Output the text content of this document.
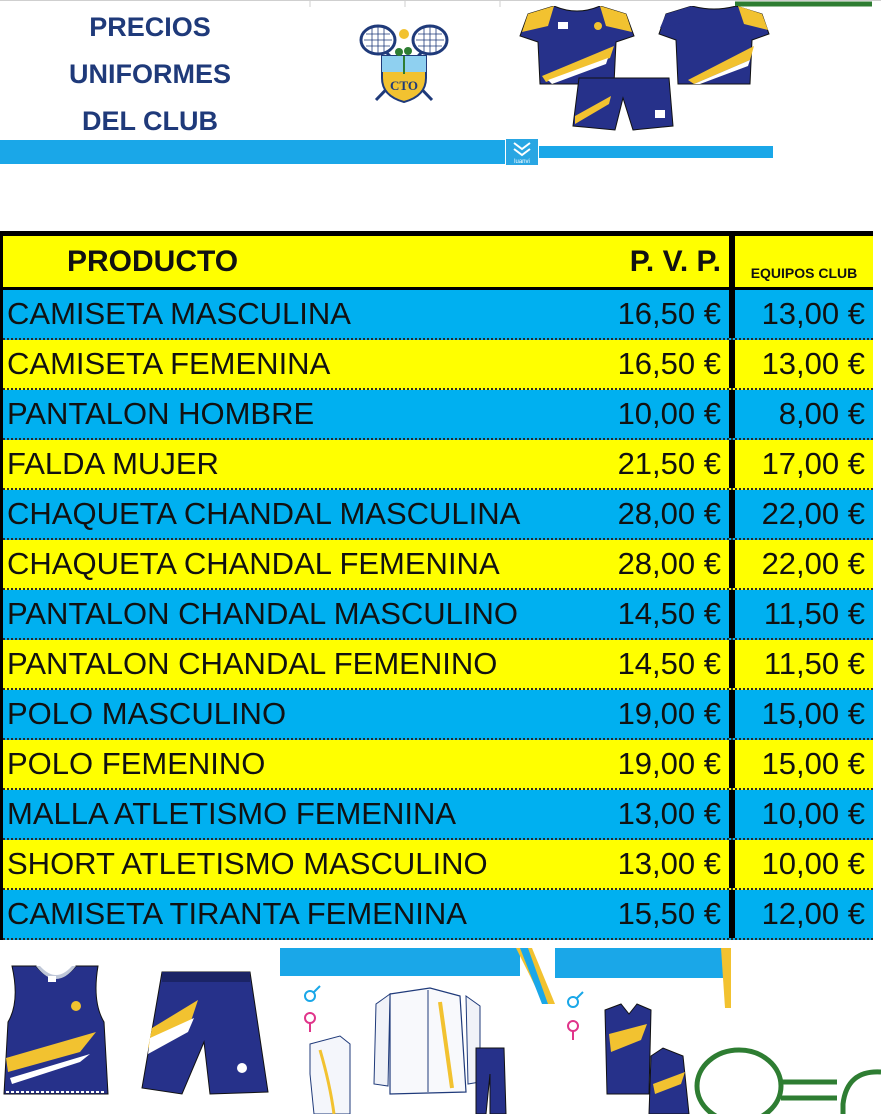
PRECIOS
UNIFORMES
DEL CLUB
CTO
luanvi
PRODUCTO	P. V. P.	EQUIPOS CLUB
CAMISETA MASCULINA	16,50 €	13,00 €
CAMISETA FEMENINA	16,50 €	13,00 €
PANTALON HOMBRE	10,00 €	8,00 €
FALDA MUJER	21,50 €	17,00 €
CHAQUETA CHANDAL MASCULINA	28,00 €	22,00 €
CHAQUETA CHANDAL FEMENINA	28,00 €	22,00 €
PANTALON CHANDAL MASCULINO	14,50 €	11,50 €
PANTALON CHANDAL FEMENINO	14,50 €	11,50 €
POLO MASCULINO	19,00 €	15,00 €
POLO FEMENINO	19,00 €	15,00 €
MALLA ATLETISMO FEMENINA	13,00 €	10,00 €
SHORT ATLETISMO MASCULINO	13,00 €	10,00 €
CAMISETA TIRANTA FEMENINA	15,50 €	12,00 €
